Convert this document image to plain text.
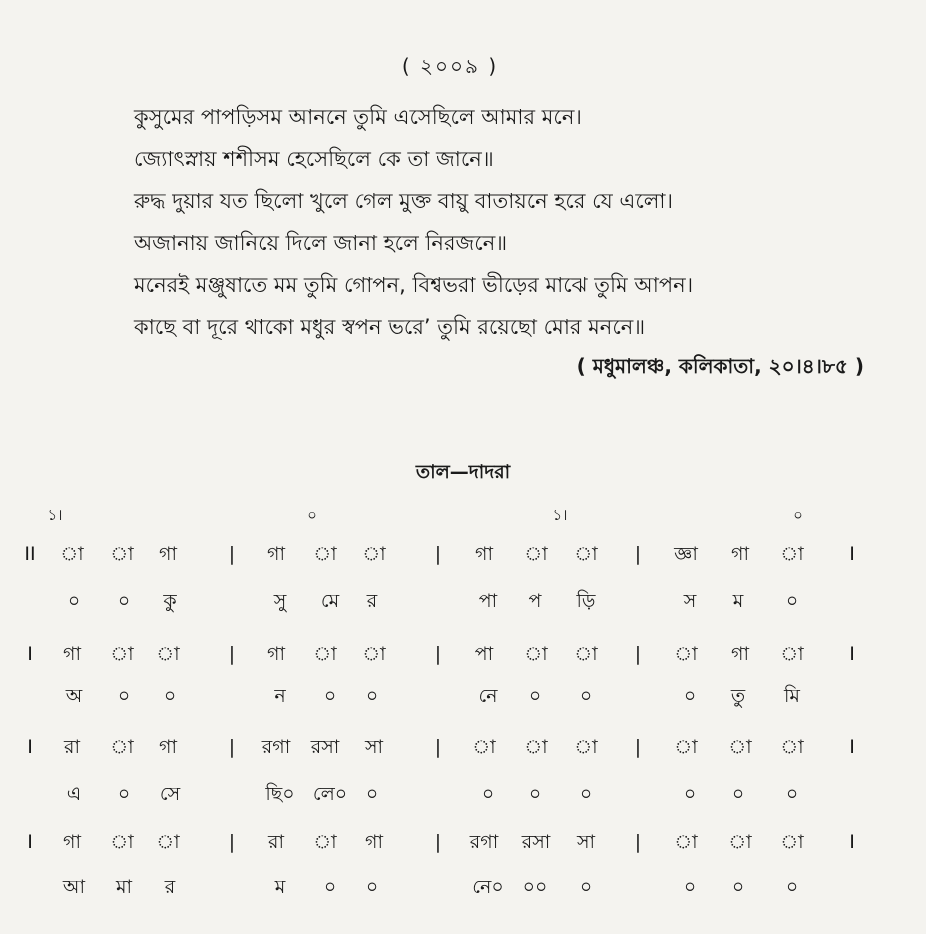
( ২০০৯ )
কুসুমের পাপড়িসম আননে তুমি এসেছিলে আমার মনে।
জ্যোৎস্নায় শশীসম হেসেছিলে কে তা জানে॥
রুদ্ধ দুয়ার যত ছিলো খুলে গেল মুক্ত বায়ু বাতায়নে হরে যে এলো।
অজানায় জানিয়ে দিলে জানা হলে নিরজনে॥
মনেরই মঞ্জুষাতে মম তুমি গোপন, বিশ্বভরা ভীড়ের মাঝে তুমি আপন।
কাছে বা দূরে থাকো মধুর স্বপন ভরে’ তুমি রয়েছো মোর মননে॥
( মধুমালঞ্চ, কলিকাতা, ২০।৪।৮৫ )
তাল—দাদরা
১।	০	১।	০
II া া গা	| গা া া	| গা া া | জ্ঞা গা া I
০ ০ কু	সু মে র	পা প ড়ি	স ম ০
I গা া া	| গা া া	| পা া া | া গা া I
অ ০ ০	ন ০ ০	নে ০ ০	০ তু মি
I রা া গা	| রগা রসা সা	| া া া | া া া I
এ ০ সে	ছি০ লে০ ০	০ ০ ০	০ ০ ০
I গা া া	| রা া গা	| রগা রসা সা | া া া I
আ মা র	ম ০ ০	নে০ ০০ ০	০ ০ ০
